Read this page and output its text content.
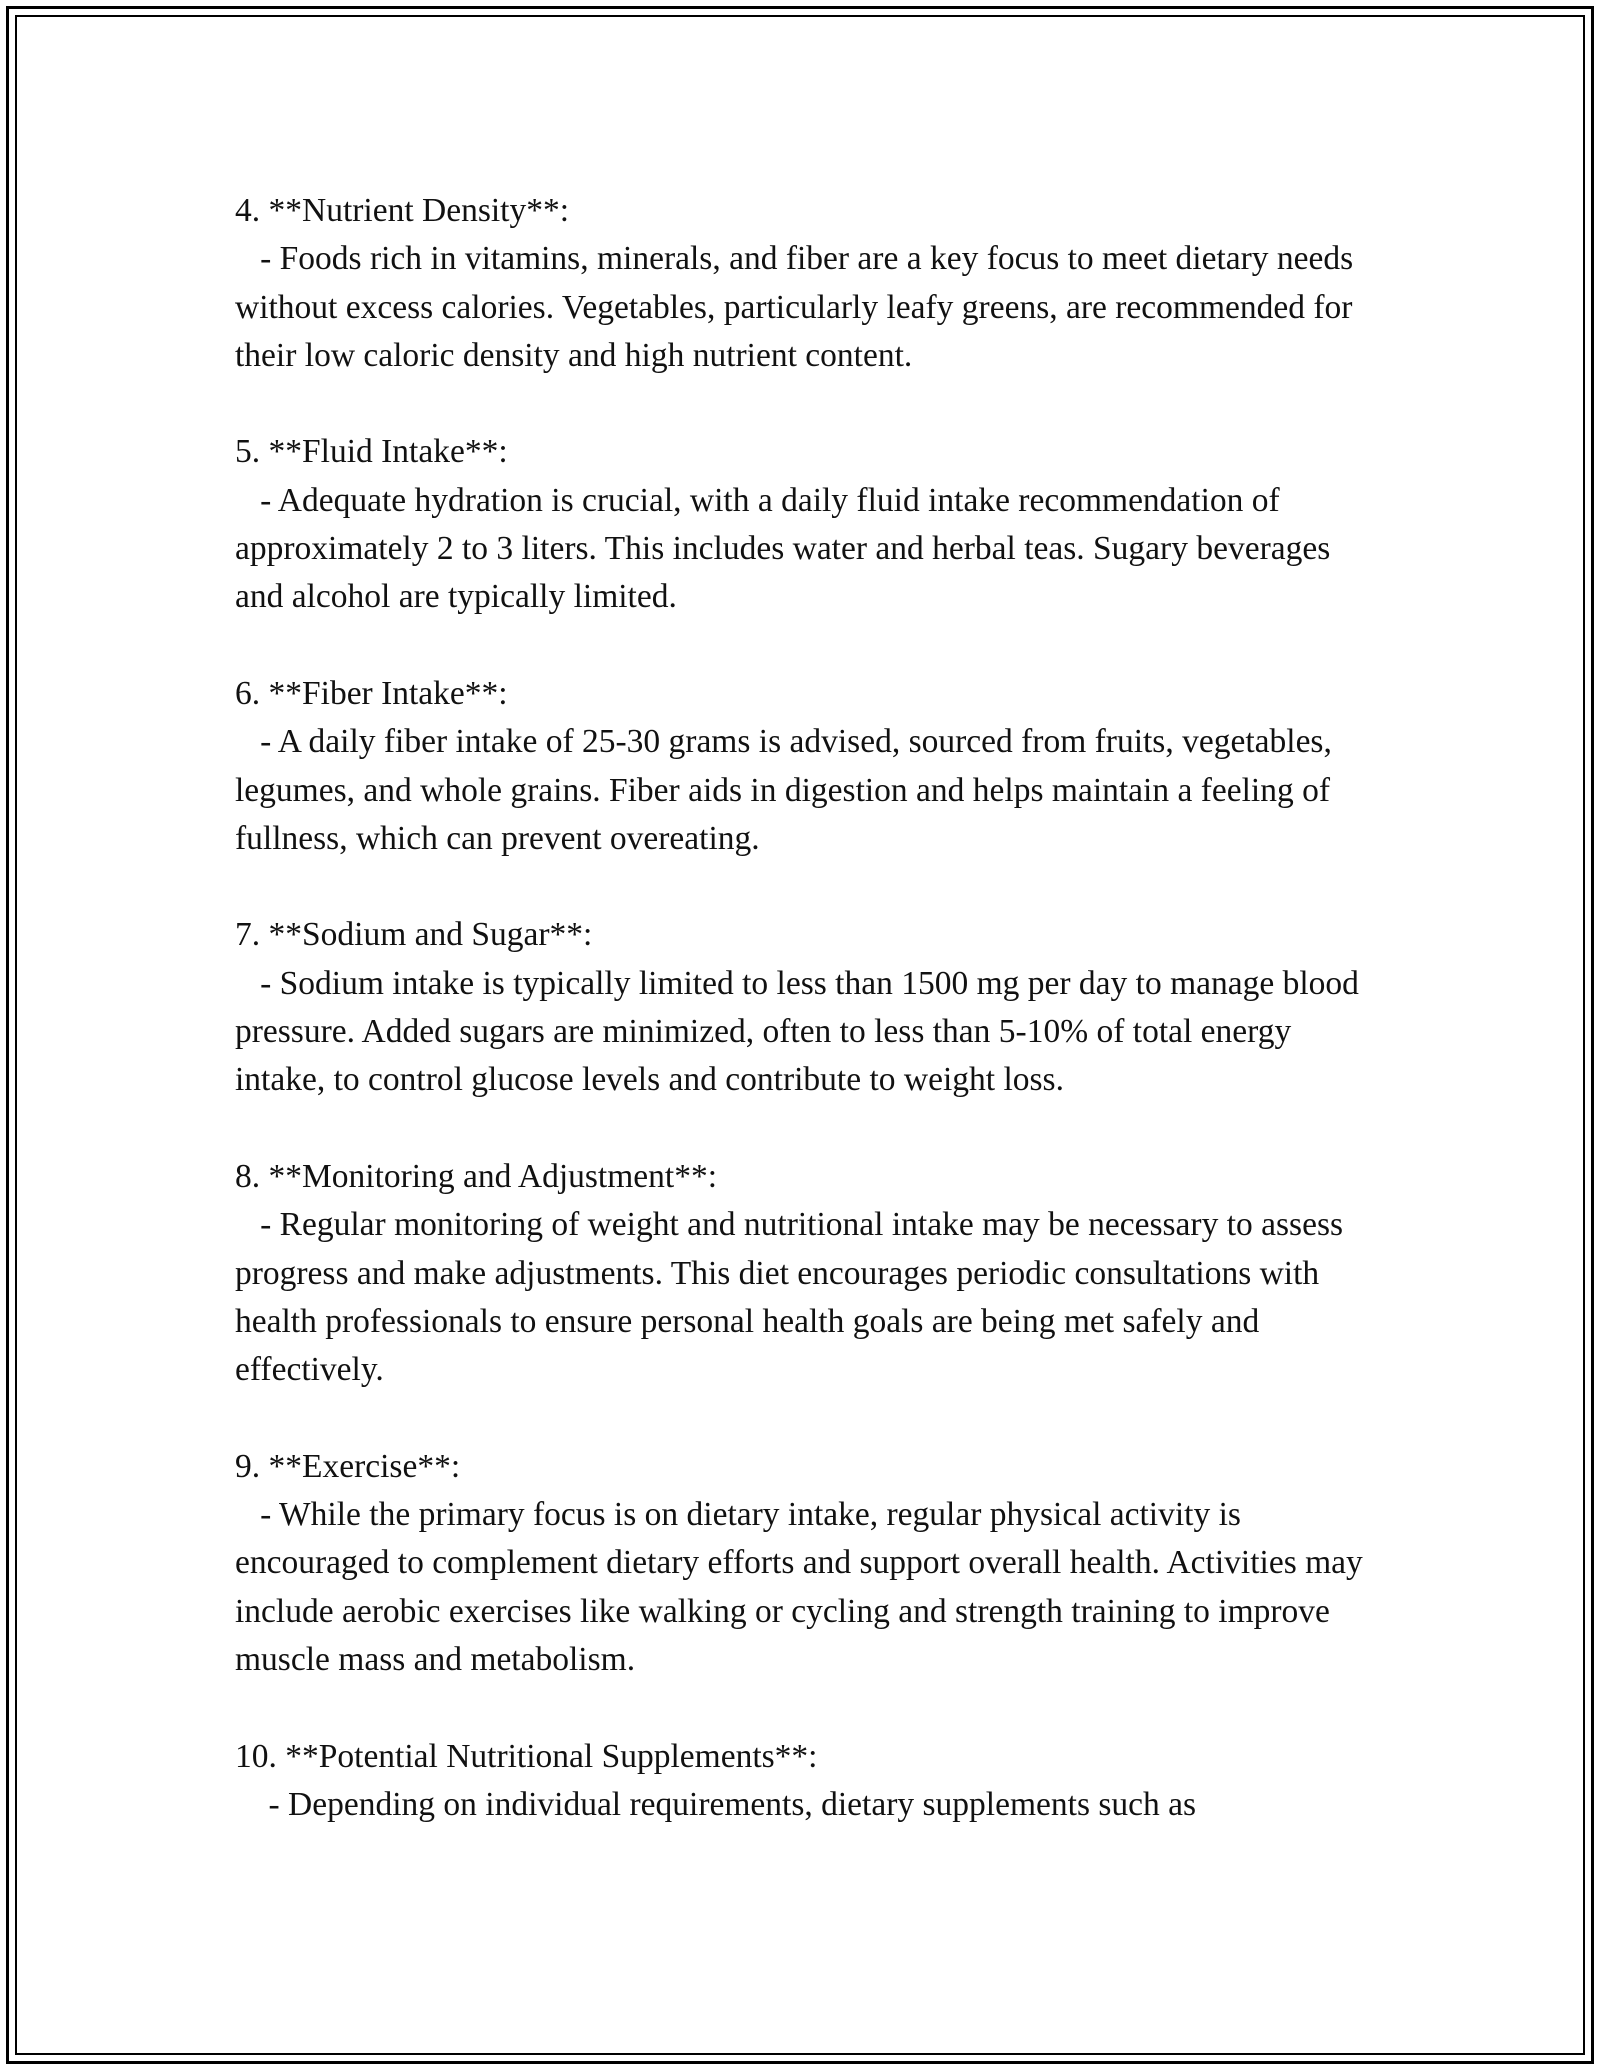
4. **Nutrient Density**:
- Foods rich in vitamins, minerals, and fiber are a key focus to meet dietary needs without excess calories. Vegetables, particularly leafy greens, are recommended for their low caloric density and high nutrient content.
5. **Fluid Intake**:
- Adequate hydration is crucial, with a daily fluid intake recommendation of approximately 2 to 3 liters. This includes water and herbal teas. Sugary beverages and alcohol are typically limited.
6. **Fiber Intake**:
- A daily fiber intake of 25-30 grams is advised, sourced from fruits, vegetables, legumes, and whole grains. Fiber aids in digestion and helps maintain a feeling of fullness, which can prevent overeating.
7. **Sodium and Sugar**:
- Sodium intake is typically limited to less than 1500 mg per day to manage blood pressure. Added sugars are minimized, often to less than 5-10% of total energy intake, to control glucose levels and contribute to weight loss.
8. **Monitoring and Adjustment**:
- Regular monitoring of weight and nutritional intake may be necessary to assess progress and make adjustments. This diet encourages periodic consultations with health professionals to ensure personal health goals are being met safely and effectively.
9. **Exercise**:
- While the primary focus is on dietary intake, regular physical activity is encouraged to complement dietary efforts and support overall health. Activities may include aerobic exercises like walking or cycling and strength training to improve muscle mass and metabolism.
10. **Potential Nutritional Supplements**:
- Depending on individual requirements, dietary supplements such as
